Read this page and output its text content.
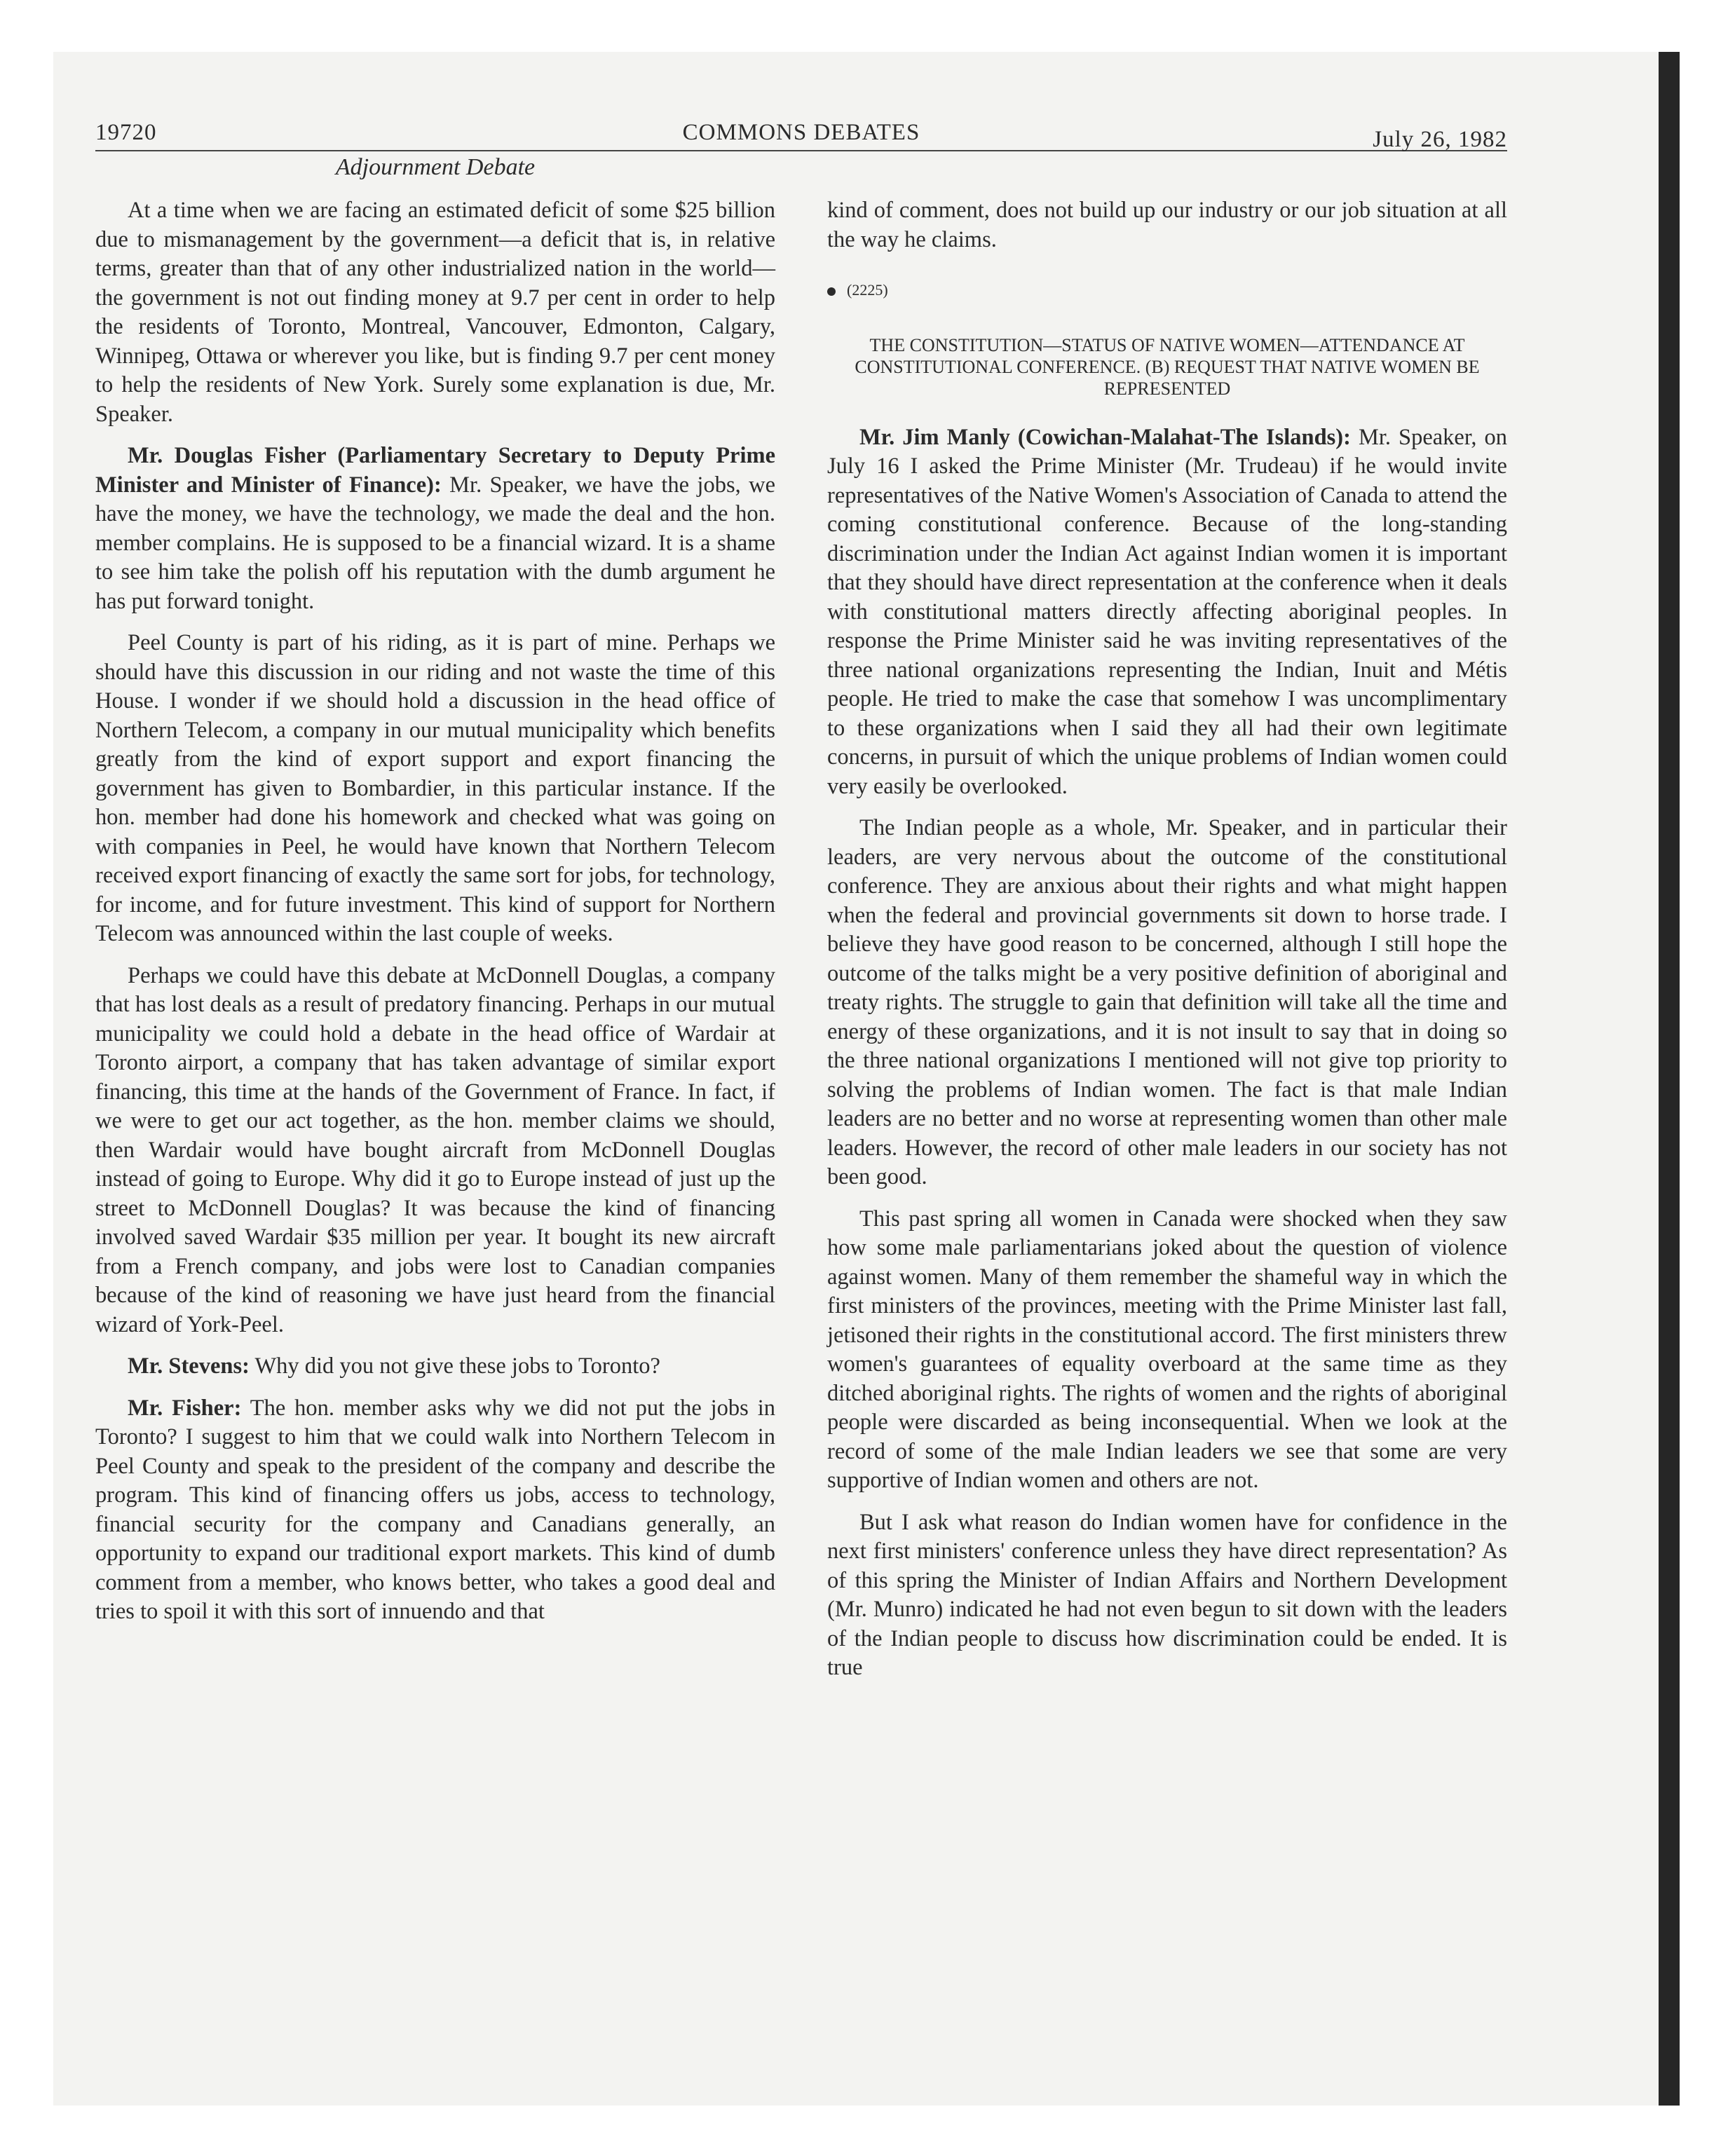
19720	COMMONS DEBATES	July 26, 1982
Adjournment Debate

At a time when we are facing an estimated deficit of some $25 billion due to mismanagement by the government—a deficit that is, in relative terms, greater than that of any other industrialized nation in the world—the government is not out finding money at 9.7 per cent in order to help the residents of Toronto, Montreal, Vancouver, Edmonton, Calgary, Winnipeg, Ottawa or wherever you like, but is finding 9.7 per cent money to help the residents of New York. Surely some explanation is due, Mr. Speaker.

Mr. Douglas Fisher (Parliamentary Secretary to Deputy Prime Minister and Minister of Finance): Mr. Speaker, we have the jobs, we have the money, we have the technology, we made the deal and the hon. member complains. He is supposed to be a financial wizard. It is a shame to see him take the polish off his reputation with the dumb argument he has put forward tonight.

Peel County is part of his riding, as it is part of mine. Perhaps we should have this discussion in our riding and not waste the time of this House. I wonder if we should hold a discussion in the head office of Northern Telecom, a company in our mutual municipality which benefits greatly from the kind of export support and export financing the government has given to Bombardier, in this particular instance. If the hon. member had done his homework and checked what was going on with companies in Peel, he would have known that Northern Telecom received export financing of exactly the same sort for jobs, for technology, for income, and for future investment. This kind of support for Northern Telecom was announced within the last couple of weeks.

Perhaps we could have this debate at McDonnell Douglas, a company that has lost deals as a result of predatory financing. Perhaps in our mutual municipality we could hold a debate in the head office of Wardair at Toronto airport, a company that has taken advantage of similar export financing, this time at the hands of the Government of France. In fact, if we were to get our act together, as the hon. member claims we should, then Wardair would have bought aircraft from McDonnell Douglas instead of going to Europe. Why did it go to Europe instead of just up the street to McDonnell Douglas? It was because the kind of financing involved saved Wardair $35 million per year. It bought its new aircraft from a French company, and jobs were lost to Canadian companies because of the kind of reasoning we have just heard from the financial wizard of York-Peel.

Mr. Stevens: Why did you not give these jobs to Toronto?

Mr. Fisher: The hon. member asks why we did not put the jobs in Toronto? I suggest to him that we could walk into Northern Telecom in Peel County and speak to the president of the company and describe the program. This kind of financing offers us jobs, access to technology, financial security for the company and Canadians generally, an opportunity to expand our traditional export markets. This kind of dumb comment from a member, who knows better, who takes a good deal and tries to spoil it with this sort of innuendo and that

kind of comment, does not build up our industry or our job situation at all the way he claims.

(2225)
THE CONSTITUTION—STATUS OF NATIVE WOMEN—ATTENDANCE AT CONSTITUTIONAL CONFERENCE. (B) REQUEST THAT NATIVE WOMEN BE REPRESENTED

Mr. Jim Manly (Cowichan-Malahat-The Islands): Mr. Speaker, on July 16 I asked the Prime Minister (Mr. Trudeau) if he would invite representatives of the Native Women's Association of Canada to attend the coming constitutional conference. Because of the long-standing discrimination under the Indian Act against Indian women it is important that they should have direct representation at the conference when it deals with constitutional matters directly affecting aboriginal peoples. In response the Prime Minister said he was inviting representatives of the three national organizations representing the Indian, Inuit and Métis people. He tried to make the case that somehow I was uncomplimentary to these organizations when I said they all had their own legitimate concerns, in pursuit of which the unique problems of Indian women could very easily be overlooked.

The Indian people as a whole, Mr. Speaker, and in particular their leaders, are very nervous about the outcome of the constitutional conference. They are anxious about their rights and what might happen when the federal and provincial governments sit down to horse trade. I believe they have good reason to be concerned, although I still hope the outcome of the talks might be a very positive definition of aboriginal and treaty rights. The struggle to gain that definition will take all the time and energy of these organizations, and it is not insult to say that in doing so the three national organizations I mentioned will not give top priority to solving the problems of Indian women. The fact is that male Indian leaders are no better and no worse at representing women than other male leaders. However, the record of other male leaders in our society has not been good.

This past spring all women in Canada were shocked when they saw how some male parliamentarians joked about the question of violence against women. Many of them remember the shameful way in which the first ministers of the provinces, meeting with the Prime Minister last fall, jetisoned their rights in the constitutional accord. The first ministers threw women's guarantees of equality overboard at the same time as they ditched aboriginal rights. The rights of women and the rights of aboriginal people were discarded as being inconsequential. When we look at the record of some of the male Indian leaders we see that some are very supportive of Indian women and others are not.

But I ask what reason do Indian women have for confidence in the next first ministers' conference unless they have direct representation? As of this spring the Minister of Indian Affairs and Northern Development (Mr. Munro) indicated he had not even begun to sit down with the leaders of the Indian people to discuss how discrimination could be ended. It is true
